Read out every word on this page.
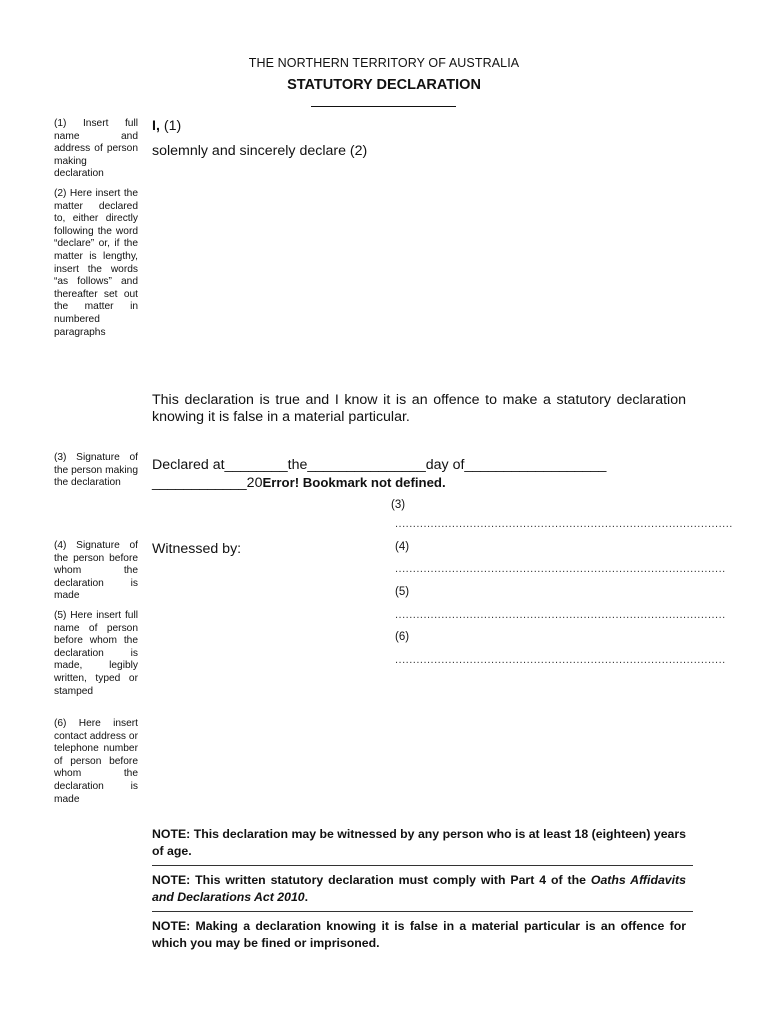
THE NORTHERN TERRITORY OF AUSTRALIA
STATUTORY DECLARATION
(1) Insert full name and address of person making declaration
(2) Here insert the matter declared to, either directly following the word “declare” or, if the matter is lengthy, insert the words “as follows” and thereafter set out the matter in numbered paragraphs
(3) Signature of the person making the declaration
(4) Signature of the person before whom the declaration is made
(5) Here insert full name of person before whom the declaration is made, legibly written, typed or stamped
(6) Here insert contact address or telephone number of person before whom the declaration is made
I, (1)
solemnly and sincerely declare (2)
This declaration is true and I know it is an offence to make a statutory declaration knowing it is false in a material particular.
Declared at________the_______________day of__________________
____________20Error! Bookmark not defined.
Witnessed by:
(3)
...............................................................................................
(4)
.............................................................................................
(5)
.............................................................................................
(6)
.............................................................................................
NOTE: This declaration may be witnessed by any person who is at least 18 (eighteen) years of age.
NOTE: This written statutory declaration must comply with Part 4 of the Oaths Affidavits and Declarations Act 2010.
NOTE: Making a declaration knowing it is false in a material particular is an offence for which you may be fined or imprisoned.
